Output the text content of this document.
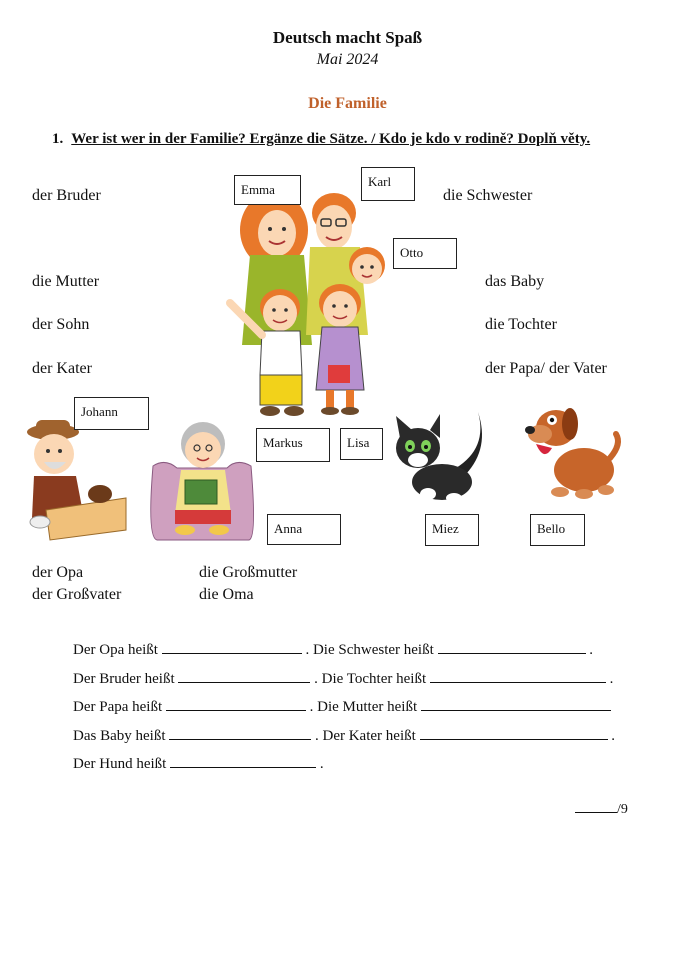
Deutsch macht Spaß
Mai 2024
Die Familie
1. Wer ist wer in der Familie? Ergänze die Sätze. / Kdo je kdo v rodině? Doplň věty.
der Bruder
die Mutter
der Sohn
der Kater
die Schwester
das Baby
die Tochter
der Papa/ der Vater
der Opa
der Großvater
die Großmutter
die Oma
Emma
Karl
Otto
Johann
Markus	Lisa
Anna	Miez	Bello
Der Opa heißt	. Die Schwester heißt	.
Der Bruder heißt	. Die Tochter heißt	.
Der Papa heißt	. Die Mutter heißt
Das Baby heißt	. Der Kater heißt	.
Der Hund heißt	.
/9
